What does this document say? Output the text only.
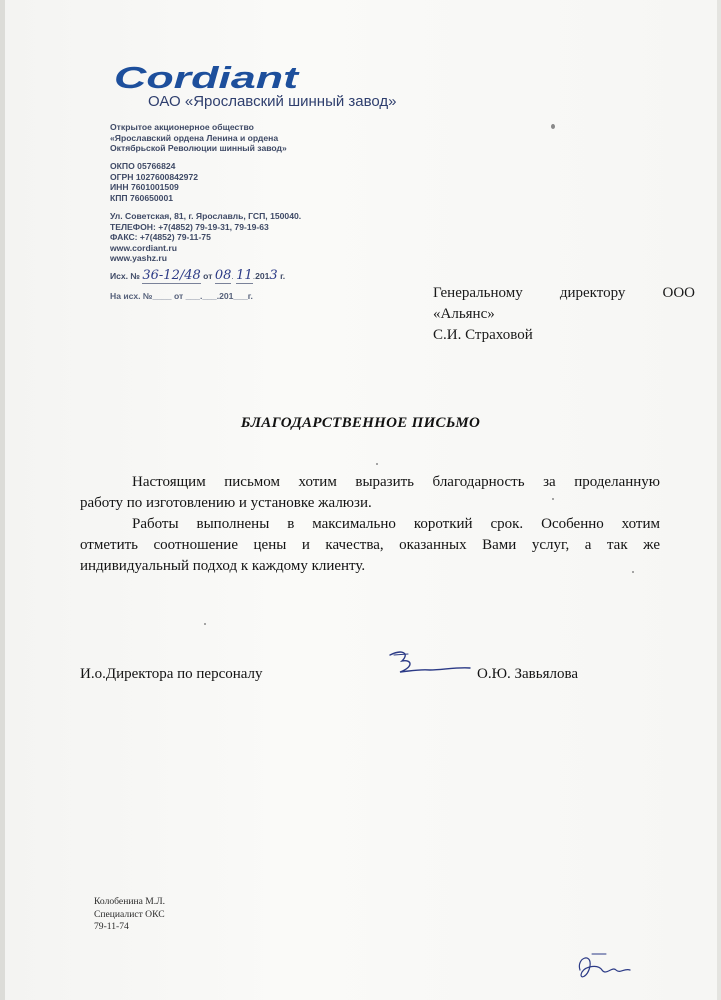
Cordiant
ОАО «Ярославский шинный завод»
Открытое акционерное общество
«Ярославский ордена Ленина и ордена
Октябрьской Революции шинный завод»
ОКПО 05766824
ОГРН 1027600842972
ИНН 7601001509
КПП 760650001
Ул. Советская, 81, г. Ярославль, ГСП, 150040.
ТЕЛЕФОН: +7(4852) 79-19-31, 79-19-63
ФАКС: +7(4852) 79-11-75
www.cordiant.ru
www.yashz.ru
Исх. № 36-12/48 от 08. 11.2013 г.
На исх. №____ от ___.___.201___г.	Генеральному директору ООО
«Альянс»
С.И. Страховой
БЛАГОДАРСТВЕННОЕ ПИСЬМО
Настоящим письмом хотим выразить благодарность за проделанную
работу по изготовлению и установке жалюзи.
Работы выполнены в максимально короткий срок. Особенно хотим
отметить соотношение цены и качества, оказанных Вами услуг, а так же
индивидуальный подход к каждому клиенту.
И.о.Директора по персоналу	О.Ю. Завьялова
Колобенина М.Л.
Специалист ОКС
79-11-74
